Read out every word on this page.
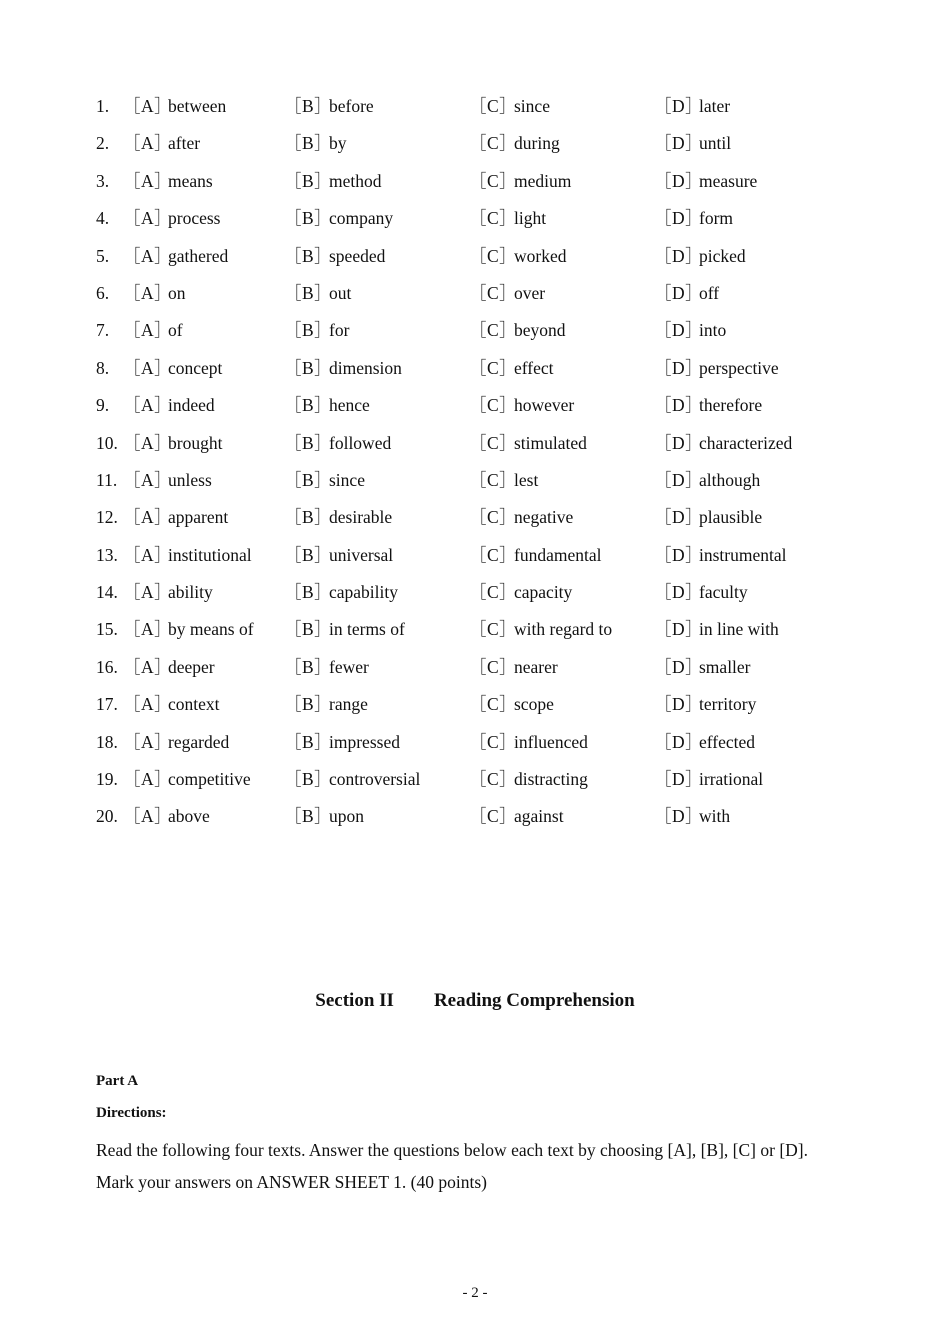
1. ［A］between	［B］before	［C］since	［D］later
2. ［A］after	［B］by	［C］during	［D］until
3. ［A］means	［B］method	［C］medium	［D］measure
4. ［A］process	［B］company	［C］light	［D］form
5. ［A］gathered	［B］speeded	［C］worked	［D］picked
6. ［A］on	［B］out	［C］over	［D］off
7. ［A］of	［B］for	［C］beyond	［D］into
8. ［A］concept	［B］dimension	［C］effect	［D］perspective
9. ［A］indeed	［B］hence	［C］however	［D］therefore
10. ［A］brought	［B］followed	［C］stimulated	［D］characterized
11. ［A］unless	［B］since	［C］lest	［D］although
12. ［A］apparent	［B］desirable	［C］negative	［D］plausible
13. ［A］institutional ［B］universal	［C］fundamental	［D］instrumental
14. ［A］ability	［B］capability	［C］capacity	［D］faculty
15. ［A］by means of ［B］in terms of	［C］with regard to ［D］in line with
16. ［A］deeper	［B］fewer	［C］nearer	［D］smaller
17. ［A］context	［B］range	［C］scope	［D］territory
18. ［A］regarded	［B］impressed	［C］influenced	［D］effected
19. ［A］competitive ［B］controversial	［C］distracting	［D］irrational
20. ［A］above	［B］upon	［C］against	［D］with
Section II Reading Comprehension
Part A
Directions:
Read the following four texts. Answer the questions below each text by choosing [A], [B], [C] or [D].
Mark your answers on ANSWER SHEET 1. (40 points)
- 2 -
